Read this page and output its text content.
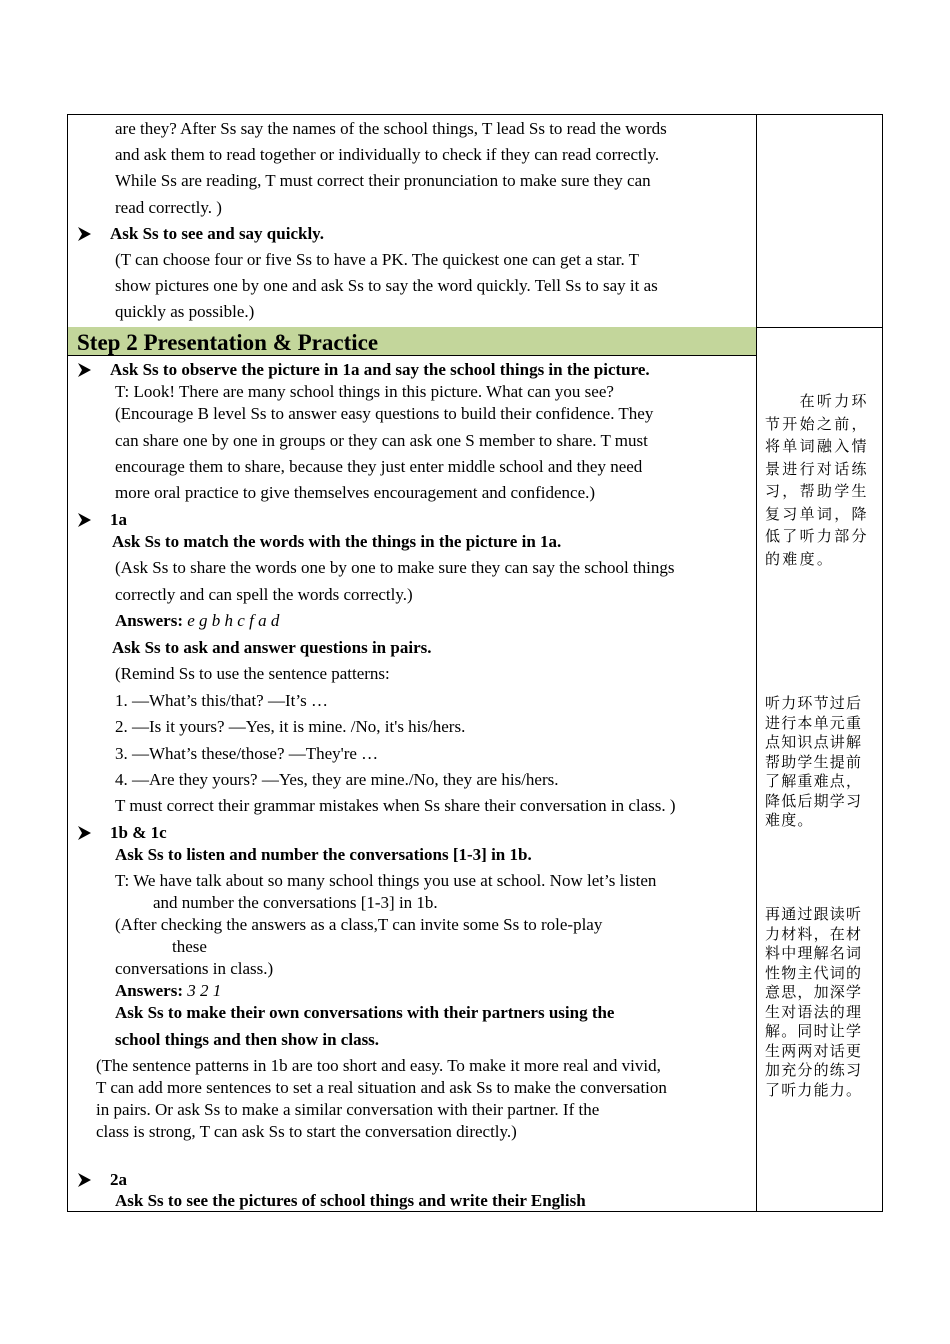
Step 2 Presentation & Practice
are they? After Ss say the names of the school things, T lead Ss to read the words
and ask them to read together or individually to check if they can read correctly.
While Ss are reading, T must correct their pronunciation to make sure they can
read correctly. )
Ask Ss to see and say quickly.
(T can choose four or five Ss to have a PK. The quickest one can get a star. T
show pictures one by one and ask Ss to say the word quickly. Tell Ss to say it as
quickly as possible.)
Ask Ss to observe the picture in 1a and say the school things in the picture.
T: Look! There are many school things in this picture. What can you see?
(Encourage B level Ss to answer easy questions to build their confidence. They
can share one by one in groups or they can ask one S member to share. T must
encourage them to share, because they just enter middle school and they need
more oral practice to give themselves encouragement and confidence.)
1a
Ask Ss to match the words with the things in the picture in 1a.
(Ask Ss to share the words one by one to make sure they can say the school things
correctly and can spell the words correctly.)
Answers: e g b h c f a d
Ask Ss to ask and answer questions in pairs.
(Remind Ss to use the sentence patterns:
1. —What’s this/that? —It’s …
2. —Is it yours? —Yes, it is mine. /No, it's his/hers.
3. —What’s these/those? —They're …
4. —Are they yours? —Yes, they are mine./No, they are his/hers.
T must correct their grammar mistakes when Ss share their conversation in class. )
1b & 1c
Ask Ss to listen and number the conversations [1-3] in 1b.
T: We have talk about so many school things you use at school. Now let’s listen
and number the conversations [1-3] in 1b.
(After checking the answers as a class,T can invite some Ss to role-play
these
conversations in class.)
Answers: 3 2 1
Ask Ss to make their own conversations with their partners using the
school things and then show in class.
(The sentence patterns in 1b are too short and easy. To make it more real and vivid,
T can add more sentences to set a real situation and ask Ss to make the conversation
in pairs. Or ask Ss to make a similar conversation with their partner. If the
class is strong, T can ask Ss to start the conversation directly.)
2a
Ask Ss to see the pictures of school things and write their English
　　在听力环节开始之前，将单词融入情景进行对话练习，帮助学生复习单词，降低了听力部分的难度。
听力环节过后进行本单元重点知识点讲解帮助学生提前了解重难点，降低后期学习难度。
再通过跟读听力材料，在材料中理解名词性物主代词的意思，加深学生对语法的理解。同时让学生两两对话更加充分的练习了听力能力。
